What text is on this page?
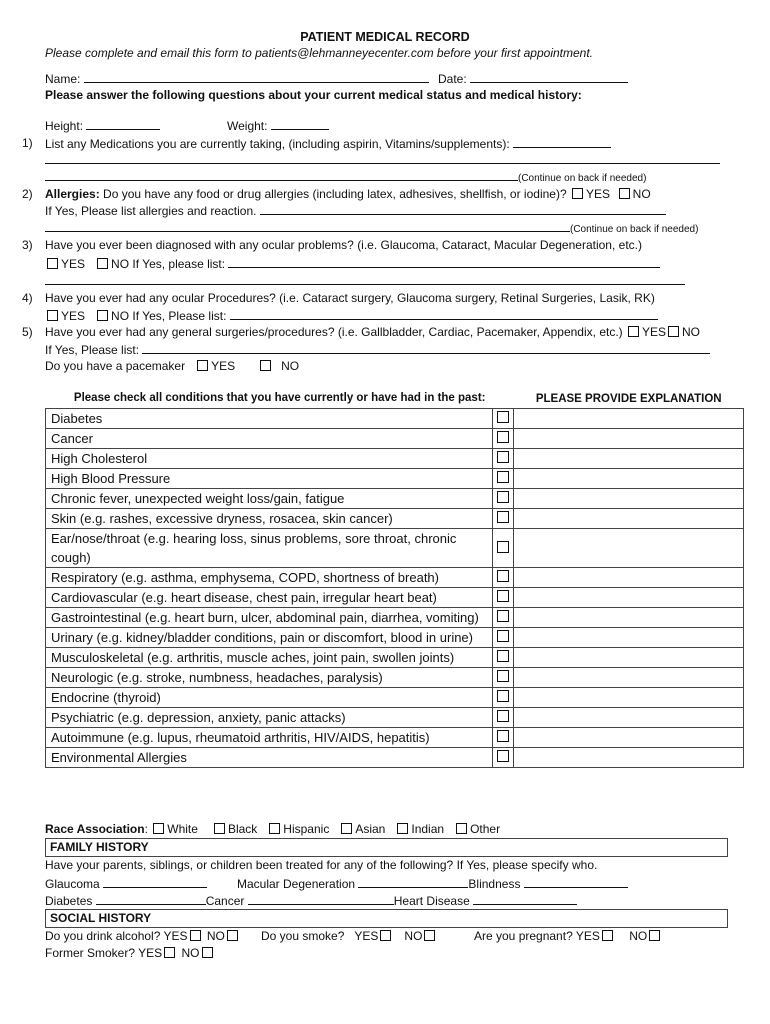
PATIENT MEDICAL RECORD
Please complete and email this form to patients@lehmanneyecenter.com before your first appointment.
Name:	Date:
Please answer the following questions about your current medical status and medical history:
Height:	Weight:
1) List any Medications you are currently taking, (including aspirin, Vitamins/supplements):
(Continue on back if needed)
2) Allergies: Do you have any food or drug allergies (including latex, adhesives, shellfish, or iodine)? YES NO
If Yes, Please list allergies and reaction.
(Continue on back if needed)
3) Have you ever been diagnosed with any ocular problems? (i.e. Glaucoma, Cataract, Macular Degeneration, etc.)
YES NO If Yes, please list:
4) Have you ever had any ocular Procedures? (i.e. Cataract surgery, Glaucoma surgery, Retinal Surgeries, Lasik, RK)
YES NO If Yes, Please list:
5) Have you ever had any general surgeries/procedures? (i.e. Gallbladder, Cardiac, Pacemaker, Appendix, etc.) YES NO
If Yes, Please list:
Do you have a pacemaker YES	NO
Please check all conditions that you have currently or have had in the past:		PLEASE PROVIDE EXPLANATION
Diabetes		
Cancer		
High Cholesterol		
High Blood Pressure		
Chronic fever, unexpected weight loss/gain, fatigue		
Skin (e.g. rashes, excessive dryness, rosacea, skin cancer)		
Ear/nose/throat (e.g. hearing loss, sinus problems, sore throat, chronic cough)		
Respiratory (e.g. asthma, emphysema, COPD, shortness of breath)		
Cardiovascular (e.g. heart disease, chest pain, irregular heart beat)		
Gastrointestinal (e.g. heart burn, ulcer, abdominal pain, diarrhea, vomiting)		
Urinary (e.g. kidney/bladder conditions, pain or discomfort, blood in urine)		
Musculoskeletal (e.g. arthritis, muscle aches, joint pain, swollen joints)		
Neurologic (e.g. stroke, numbness, headaches, paralysis)		
Endocrine (thyroid)		
Psychiatric (e.g. depression, anxiety, panic attacks)		
Autoimmune (e.g. lupus, rheumatoid arthritis, HIV/AIDS, hepatitis)		
Environmental Allergies		
Race Association: White	Black Hispanic Asian Indian Other
FAMILY HISTORY
Have your parents, siblings, or children been treated for any of the following? If Yes, please specify who.
Glaucoma	Macular Degeneration	Blindness
Diabetes	Cancer	Heart Disease
SOCIAL HISTORY
Do you drink alcohol? YES NO	Do you smoke? YES NO	Are you pregnant? YES NO
Former Smoker? YES NO
